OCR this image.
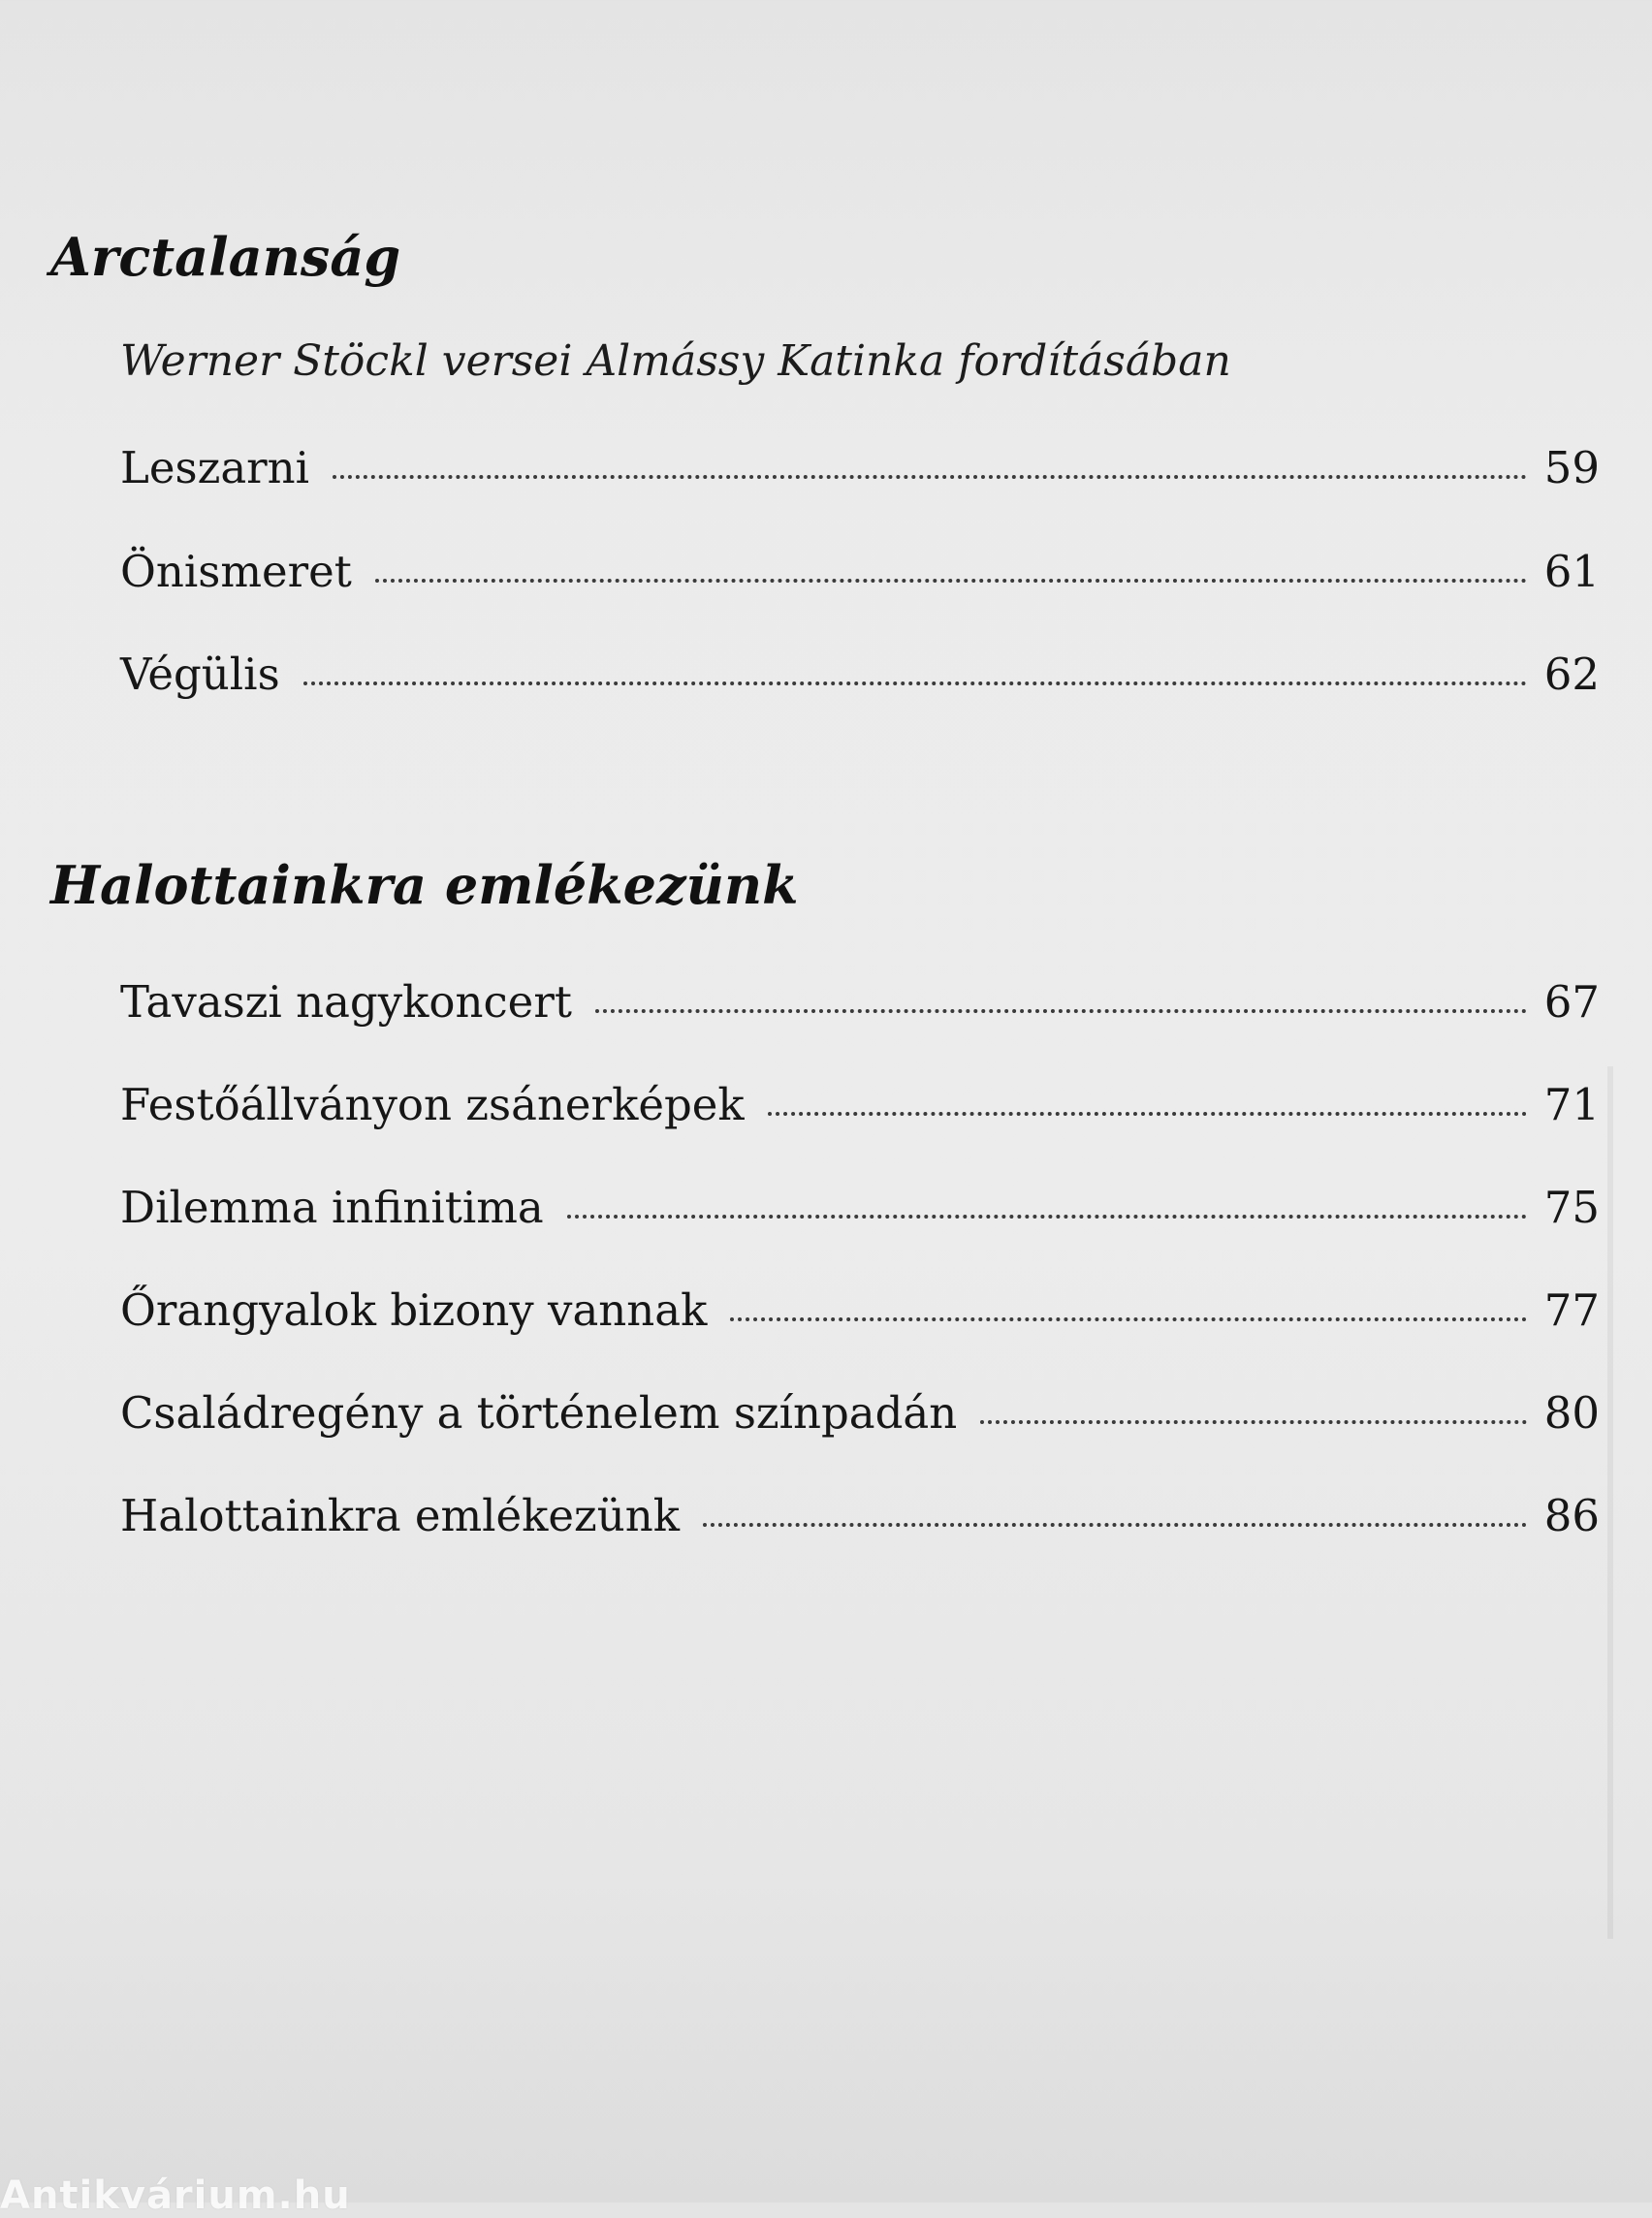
Arctalanság

Werner Stöckl versei Almássy Katinka fordításában

Leszarni	59
Önismeret	61
Végülis	62
Halottainkra emlékezünk
Tavaszi nagykoncert	67
Festőállványon zsánerképek	71
Dilemma infinitima	75
Őrangyalok bizony vannak	77
Családregény a történelem színpadán	80
Halottainkra emlékezünk	86
Antikvárium.hu
